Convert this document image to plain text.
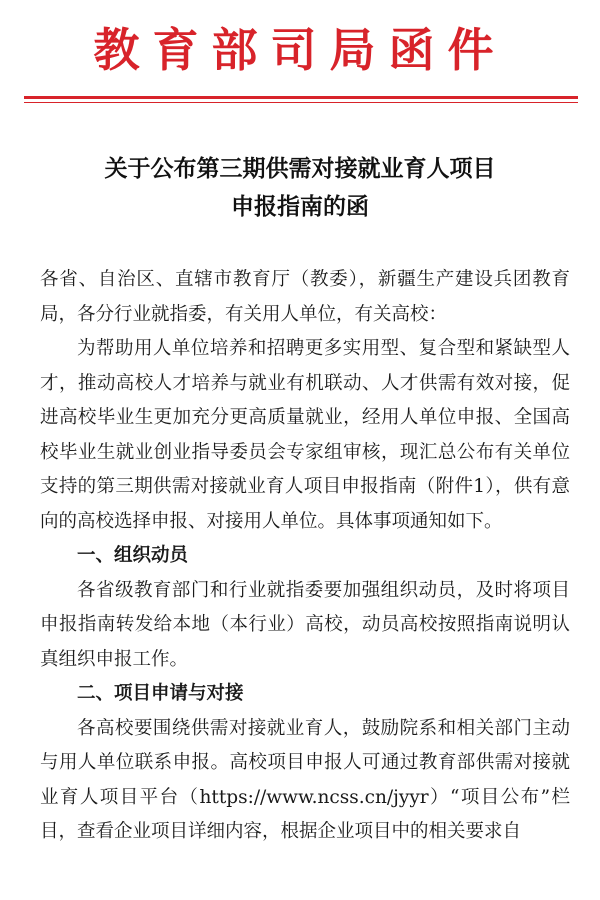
教育部司局函件
关于公布第三期供需对接就业育人项目
申报指南的函

各省、自治区、直辖市教育厅（教委），新疆生产建设兵团教育局，各分行业就指委，有关用人单位，有关高校：

为帮助用人单位培养和招聘更多实用型、复合型和紧缺型人才，推动高校人才培养与就业有机联动、人才供需有效对接，促进高校毕业生更加充分更高质量就业，经用人单位申报、全国高校毕业生就业创业指导委员会专家组审核，现汇总公布有关单位支持的第三期供需对接就业育人项目申报指南（附件1），供有意向的高校选择申报、对接用人单位。具体事项通知如下。

一、组织动员

各省级教育部门和行业就指委要加强组织动员，及时将项目申报指南转发给本地（本行业）高校，动员高校按照指南说明认真组织申报工作。

二、项目申请与对接

各高校要围绕供需对接就业育人，鼓励院系和相关部门主动与用人单位联系申报。高校项目申报人可通过教育部供需对接就业育人项目平台（https://www.ncss.cn/jyyr）“项目公布”栏目，查看企业项目详细内容，根据企业项目中的相关要求自
